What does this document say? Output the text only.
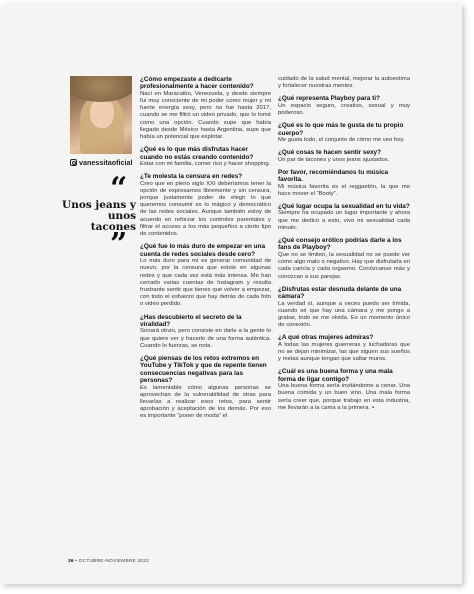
vanessitaoficial
“
Unos jeans y unos tacones
”

¿Cómo empezaste a dedicarte profesionalmente a hacer contenido?

Nací en Maracaibo, Venezuela, y desde siempre fui muy consciente de mi poder como mujer y mi fuerte energía sexy, pero no fue hasta 2017, cuando se me filtró un video privado, que lo tomé como una opción. Cuando supe que había llegado desde México hasta Argentina, supe que había un potencial que explotar.

¿Qué es lo que más disfrutas hacer cuando no estás creando contenido?

Estar con mi familia, comer rico y hacer shopping.

¿Te molesta la censura en redes?

Creo que en pleno siglo XXI deberíamos tener la opción de expresarnos libremente y sin censura, porque justamente poder de elegir lo que queremos consumir es lo mágico y democrático de las redes sociales. Aunque también estoy de acuerdo en reforzar los controles parentales y filtrar el acceso a los más pequeños a cierto tipo de contenidos.

¿Qué fue lo más duro de empezar en una cuenta de redes sociales desde cero?

Lo más duro para mí es generar comunidad de nuevo, por la censura que existe en algunas redes y que cada vez está más intensa. Me han cerrado varias cuentas de Instagram y resulta frustrante sentir que tienes que volver a empezar, con todo el esfuerzo que hay detrás de cada foto o video perdido.

¿Has descubierto el secreto de la viralidad?

Sonará obvio, pero consiste en darle a la gente lo que quiere ver y hacerlo de una forma auténtica. Cuando lo fuerzas, se nota.

¿Qué piensas de los retos extremos en YouTube y TikTok y que de repente tienen consecuencias negativas para las personas?

Es lamentable cómo algunas personas se aprovechan de la vulnerabilidad de otras para llevarlas a realizar esos retos, para sentir aprobación y aceptación de los demás. Por eso es importante “poner de moda” el

cuidado de la salud mental, mejorar la autoestima y fortalecer nuestras mentes.

¿Qué representa Playboy para ti?

Un espacio seguro, creativo, sexual y muy poderoso.

¿Qué es lo que más te gusta de tu propio cuerpo?

Me gusta todo, el conjunto de cómo me veo hoy.

¿Qué cosas te hacen sentir sexy?

Un par de tacones y unos jeans ajustados.

Por favor, recomiéndanos tu música favorita.

Mi música favorita es el reggaetón, la que me hace mover el “Booty”.

¿Qué lugar ocupa la sexualidad en tu vida?

Siempre ha ocupado un lugar importante y ahora que me dedico a esto, vivo mi sexualidad cada minuto.

¿Qué consejo erótico podrías darle a los fans de Playboy?

Que no se limiten, la sexualidad no se puede ver como algo malo o negativo. Hay que disfrutarla en cada caricia y cada orgasmo. Conózcanse más y conozcan a sus parejas.

¿Disfrutas estar desnuda delante de una cámara?

La verdad sí, aunque a veces puedo ser tímida, cuando sé que hay una cámara y me pongo a grabar, todo se me olvida. Es un momento único de conexión.

¿A qué otras mujeres admiras?

A todas las mujeres guerreras y luchadoras que no se dejan minimizar, las que siguen sus sueños y metas aunque tengan que saltar muros.

¿Cuál es una buena forma y una mala forma de ligar contigo?

Una buena forma sería invitándome a cenar. Una buena comida y un buen vino. Una mala forma sería creer que, porque trabajo en esta industria, me llevarán a la cama a la primera. ▪

36 • OCTUBRE-NOVIEMBRE 2022
